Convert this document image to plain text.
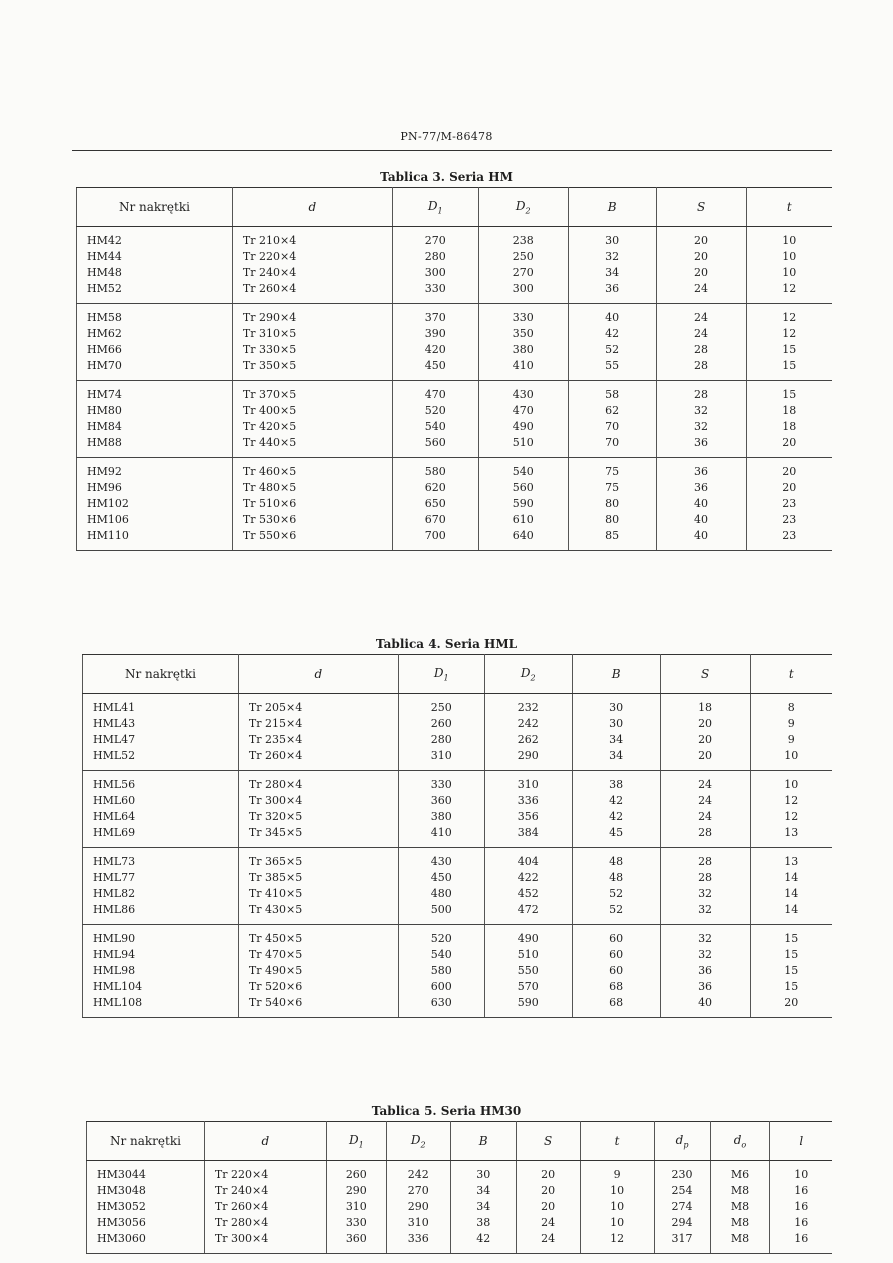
PN-77/M-86478
Tablica 3. Seria HM
Nr nakrętki	d	$D_1$	$D_2$	B	S	t
HM42	Tr 210×4	270	238	30	20	10
HM44	Tr 220×4	280	250	32	20	10
HM48	Tr 240×4	300	270	34	20	10
HM52	Tr 260×4	330	300	36	24	12
HM58	Tr 290×4	370	330	40	24	12
HM62	Tr 310×5	390	350	42	24	12
HM66	Tr 330×5	420	380	52	28	15
HM70	Tr 350×5	450	410	55	28	15
HM74	Tr 370×5	470	430	58	28	15
HM80	Tr 400×5	520	470	62	32	18
HM84	Tr 420×5	540	490	70	32	18
HM88	Tr 440×5	560	510	70	36	20
HM92	Tr 460×5	580	540	75	36	20
HM96	Tr 480×5	620	560	75	36	20
HM102	Tr 510×6	650	590	80	40	23
HM106	Tr 530×6	670	610	80	40	23
HM110	Tr 550×6	700	640	85	40	23
Tablica 4. Seria HML
Nr nakrętki	d	$D_1$	$D_2$	B	S	t
HML41	Tr 205×4	250	232	30	18	8
HML43	Tr 215×4	260	242	30	20	9
HML47	Tr 235×4	280	262	34	20	9
HML52	Tr 260×4	310	290	34	20	10
HML56	Tr 280×4	330	310	38	24	10
HML60	Tr 300×4	360	336	42	24	12
HML64	Tr 320×5	380	356	42	24	12
HML69	Tr 345×5	410	384	45	28	13
HML73	Tr 365×5	430	404	48	28	13
HML77	Tr 385×5	450	422	48	28	14
HML82	Tr 410×5	480	452	52	32	14
HML86	Tr 430×5	500	472	52	32	14
HML90	Tr 450×5	520	490	60	32	15
HML94	Tr 470×5	540	510	60	32	15
HML98	Tr 490×5	580	550	60	36	15
HML104	Tr 520×6	600	570	68	36	15
HML108	Tr 540×6	630	590	68	40	20
Tablica 5. Seria HM30
Nr nakrętki	d	$D_1$	$D_2$	B	S	t	$d_p$	$d_o$	l
HM3044	Tr 220×4	260	242	30	20	9	230	M6	10
HM3048	Tr 240×4	290	270	34	20	10	254	M8	16
HM3052	Tr 260×4	310	290	34	20	10	274	M8	16
HM3056	Tr 280×4	330	310	38	24	10	294	M8	16
HM3060	Tr 300×4	360	336	42	24	12	317	M8	16
